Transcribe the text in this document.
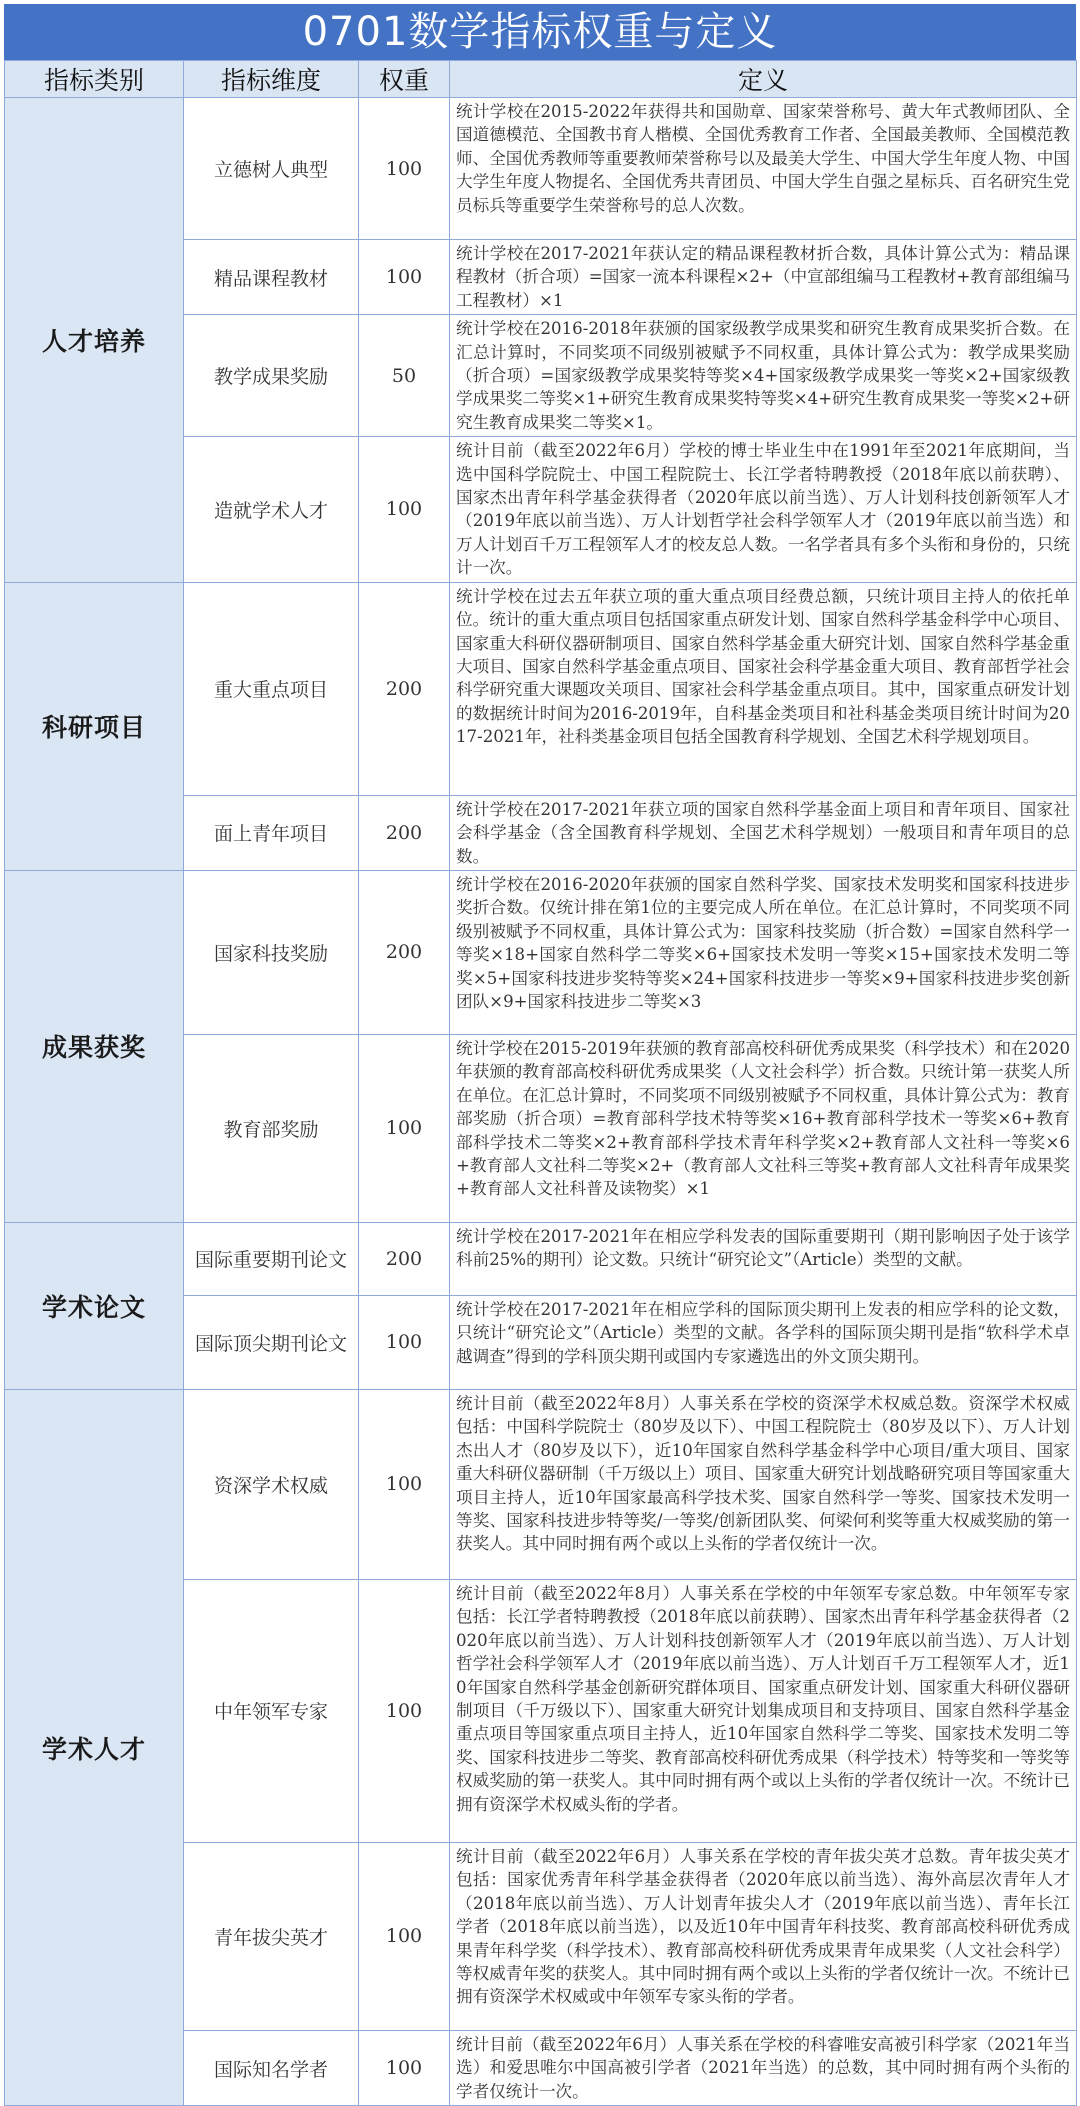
0701数学指标权重与定义
指标类别	指标维度	权重	定义
人才培养	立德树人典型	100	统计学校在2015-2022年获得共和国勋章、国家荣誉称号、黄大年式教师团队、全国道德模范、全国教书育人楷模、全国优秀教育工作者、全国最美教师、全国模范教师、全国优秀教师等重要教师荣誉称号以及最美大学生、中国大学生年度人物、中国大学生年度人物提名、全国优秀共青团员、中国大学生自强之星标兵、百名研究生党员标兵等重要学生荣誉称号的总人次数。
	精品课程教材	100	统计学校在2017-2021年获认定的精品课程教材折合数，具体计算公式为：精品课程教材（折合项）=国家一流本科课程×2+（中宣部组编马工程教材+教育部组编马工程教材）×1
	教学成果奖励	50	统计学校在2016-2018年获颁的国家级教学成果奖和研究生教育成果奖折合数。在汇总计算时，不同奖项不同级别被赋予不同权重，具体计算公式为：教学成果奖励（折合项）=国家级教学成果奖特等奖×4+国家级教学成果奖一等奖×2+国家级教学成果奖二等奖×1+研究生教育成果奖特等奖×4+研究生教育成果奖一等奖×2+研究生教育成果奖二等奖×1。
	造就学术人才	100	统计目前（截至2022年6月）学校的博士毕业生中在1991年至2021年底期间，当选中国科学院院士、中国工程院院士、长江学者特聘教授（2018年底以前获聘）、国家杰出青年科学基金获得者（2020年底以前当选）、万人计划科技创新领军人才（2019年底以前当选）、万人计划哲学社会科学领军人才（2019年底以前当选）和万人计划百千万工程领军人才的校友总人数。一名学者具有多个头衔和身份的，只统计一次。
科研项目	重大重点项目	200	统计学校在过去五年获立项的重大重点项目经费总额，只统计项目主持人的依托单位。统计的重大重点项目包括国家重点研发计划、国家自然科学基金科学中心项目、国家重大科研仪器研制项目、国家自然科学基金重大研究计划、国家自然科学基金重大项目、国家自然科学基金重点项目、国家社会科学基金重大项目、教育部哲学社会科学研究重大课题攻关项目、国家社会科学基金重点项目。其中，国家重点研发计划的数据统计时间为2016-2019年，自科基金类项目和社科基金类项目统计时间为2017-2021年，社科类基金项目包括全国教育科学规划、全国艺术科学规划项目。
	面上青年项目	200	统计学校在2017-2021年获立项的国家自然科学基金面上项目和青年项目、国家社会科学基金（含全国教育科学规划、全国艺术科学规划）一般项目和青年项目的总数。
成果获奖	国家科技奖励	200	统计学校在2016-2020年获颁的国家自然科学奖、国家技术发明奖和国家科技进步奖折合数。仅统计排在第1位的主要完成人所在单位。在汇总计算时，不同奖项不同级别被赋予不同权重，具体计算公式为：国家科技奖励（折合数）=国家自然科学一等奖×18+国家自然科学二等奖×6+国家技术发明一等奖×15+国家技术发明二等奖×5+国家科技进步奖特等奖×24+国家科技进步一等奖×9+国家科技进步奖创新团队×9+国家科技进步二等奖×3
	教育部奖励	100	统计学校在2015-2019年获颁的教育部高校科研优秀成果奖（科学技术）和在2020年获颁的教育部高校科研优秀成果奖（人文社会科学）折合数。只统计第一获奖人所在单位。在汇总计算时，不同奖项不同级别被赋予不同权重，具体计算公式为：教育部奖励（折合项）=教育部科学技术特等奖×16+教育部科学技术一等奖×6+教育部科学技术二等奖×2+教育部科学技术青年科学奖×2+教育部人文社科一等奖×6+教育部人文社科二等奖×2+（教育部人文社科三等奖+教育部人文社科青年成果奖+教育部人文社科普及读物奖）×1
学术论文	国际重要期刊论文	200	统计学校在2017-2021年在相应学科发表的国际重要期刊（期刊影响因子处于该学科前25%的期刊）论文数。只统计“研究论文”（Article）类型的文献。
	国际顶尖期刊论文	100	统计学校在2017-2021年在相应学科的国际顶尖期刊上发表的相应学科的论文数，只统计“研究论文”（Article）类型的文献。各学科的国际顶尖期刊是指“软科学术卓越调查”得到的学科顶尖期刊或国内专家遴选出的外文顶尖期刊。
学术人才	资深学术权威	100	统计目前（截至2022年8月）人事关系在学校的资深学术权威总数。资深学术权威包括：中国科学院院士（80岁及以下）、中国工程院院士（80岁及以下）、万人计划杰出人才（80岁及以下），近10年国家自然科学基金科学中心项目/重大项目、国家重大科研仪器研制（千万级以上）项目、国家重大研究计划战略研究项目等国家重大项目主持人，近10年国家最高科学技术奖、国家自然科学一等奖、国家技术发明一等奖、国家科技进步特等奖/一等奖/创新团队奖、何梁何利奖等重大权威奖励的第一获奖人。其中同时拥有两个或以上头衔的学者仅统计一次。
	中年领军专家	100	统计目前（截至2022年8月）人事关系在学校的中年领军专家总数。中年领军专家包括：长江学者特聘教授（2018年底以前获聘）、国家杰出青年科学基金获得者（2020年底以前当选）、万人计划科技创新领军人才（2019年底以前当选）、万人计划哲学社会科学领军人才（2019年底以前当选）、万人计划百千万工程领军人才，近10年国家自然科学基金创新研究群体项目、国家重点研发计划、国家重大科研仪器研制项目（千万级以下）、国家重大研究计划集成项目和支持项目、国家自然科学基金重点项目等国家重点项目主持人，近10年国家自然科学二等奖、国家技术发明二等奖、国家科技进步二等奖、教育部高校科研优秀成果（科学技术）特等奖和一等奖等权威奖励的第一获奖人。其中同时拥有两个或以上头衔的学者仅统计一次。不统计已拥有资深学术权威头衔的学者。
	青年拔尖英才	100	统计目前（截至2022年6月）人事关系在学校的青年拔尖英才总数。青年拔尖英才包括：国家优秀青年科学基金获得者（2020年底以前当选）、海外高层次青年人才（2018年底以前当选）、万人计划青年拔尖人才（2019年底以前当选）、青年长江学者（2018年底以前当选），以及近10年中国青年科技奖、教育部高校科研优秀成果青年科学奖（科学技术）、教育部高校科研优秀成果青年成果奖（人文社会科学）等权威青年奖的获奖人。其中同时拥有两个或以上头衔的学者仅统计一次。不统计已拥有资深学术权威或中年领军专家头衔的学者。
	国际知名学者	100	统计目前（截至2022年6月）人事关系在学校的科睿唯安高被引科学家（2021年当选）和爱思唯尔中国高被引学者（2021年当选）的总数，其中同时拥有两个头衔的学者仅统计一次。
